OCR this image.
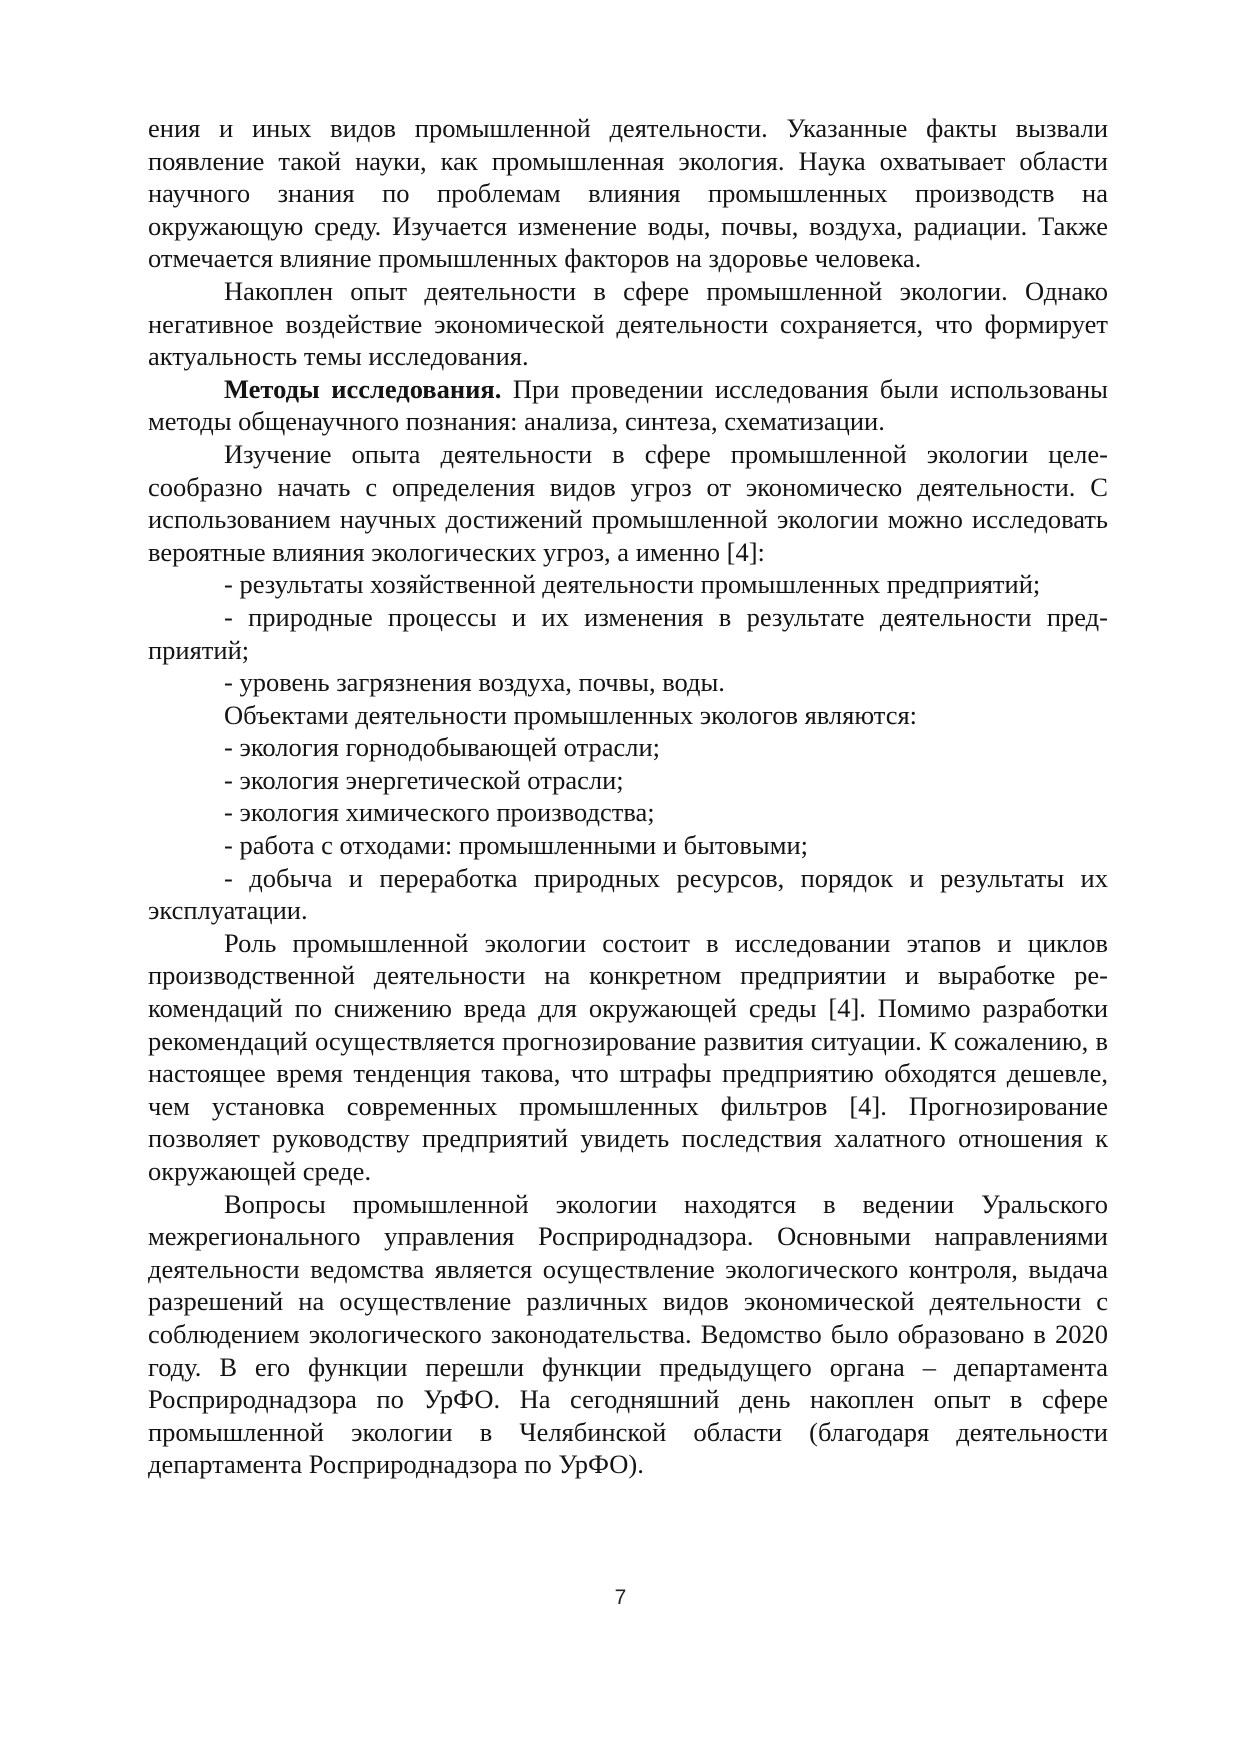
ения и иных видов промышленной деятельности. Указанные факты вызвали появление такой науки, как промышленная экология. Наука охватывает области научного знания по проблемам влияния промышленных производств на окружающую среду. Изучается изменение воды, почвы, воздуха, радиации. Также отмечается влияние промышленных факторов на здоровье человека.

Накоплен опыт деятельности в сфере промышленной экологии. Однако негативное воздействие экономической деятельности сохраняется, что формирует актуальность темы исследования.

Методы исследования. При проведении исследования были использованы методы общенаучного познания: анализа, синтеза, схематизации.

Изучение опыта деятельности в сфере промышленной экологии целесообразно начать с определения видов угроз от экономическо деятельности. С использованием научных достижений промышленной экологии можно исследовать вероятные влияния экологических угроз, а именно [4]:

- результаты хозяйственной деятельности промышленных предприятий;

- природные процессы и их изменения в результате деятельности предприятий;

- уровень загрязнения воздуха, почвы, воды.

Объектами деятельности промышленных экологов являются:

- экология горнодобывающей отрасли;

- экология энергетической отрасли;

- экология химического производства;

- работа с отходами: промышленными и бытовыми;

- добыча и переработка природных ресурсов, порядок и результаты их эксплуатации.

Роль промышленной экологии состоит в исследовании этапов и циклов производственной деятельности на конкретном предприятии и выработке рекомендаций по снижению вреда для окружающей среды [4]. Помимо разработки рекомендаций осуществляется прогнозирование развития ситуации. К сожалению, в настоящее время тенденция такова, что штрафы предприятию обходятся дешевле, чем установка современных промышленных фильтров [4]. Прогнозирование позволяет руководству предприятий увидеть последствия халатного отношения к окружающей среде.

Вопросы промышленной экологии находятся в ведении Уральского межрегионального управления Росприроднадзора. Основными направлениями деятельности ведомства является осуществление экологического контроля, выдача разрешений на осуществление различных видов экономической деятельности с соблюдением экологического законодательства. Ведомство было образовано в 2020 году. В его функции перешли функции предыдущего органа – департамента Росприроднадзора по УрФО. На сегодняшний день накоплен опыт в сфере промышленной экологии в Челябинской области (благодаря деятельности департамента Росприроднадзора по УрФО).

7
